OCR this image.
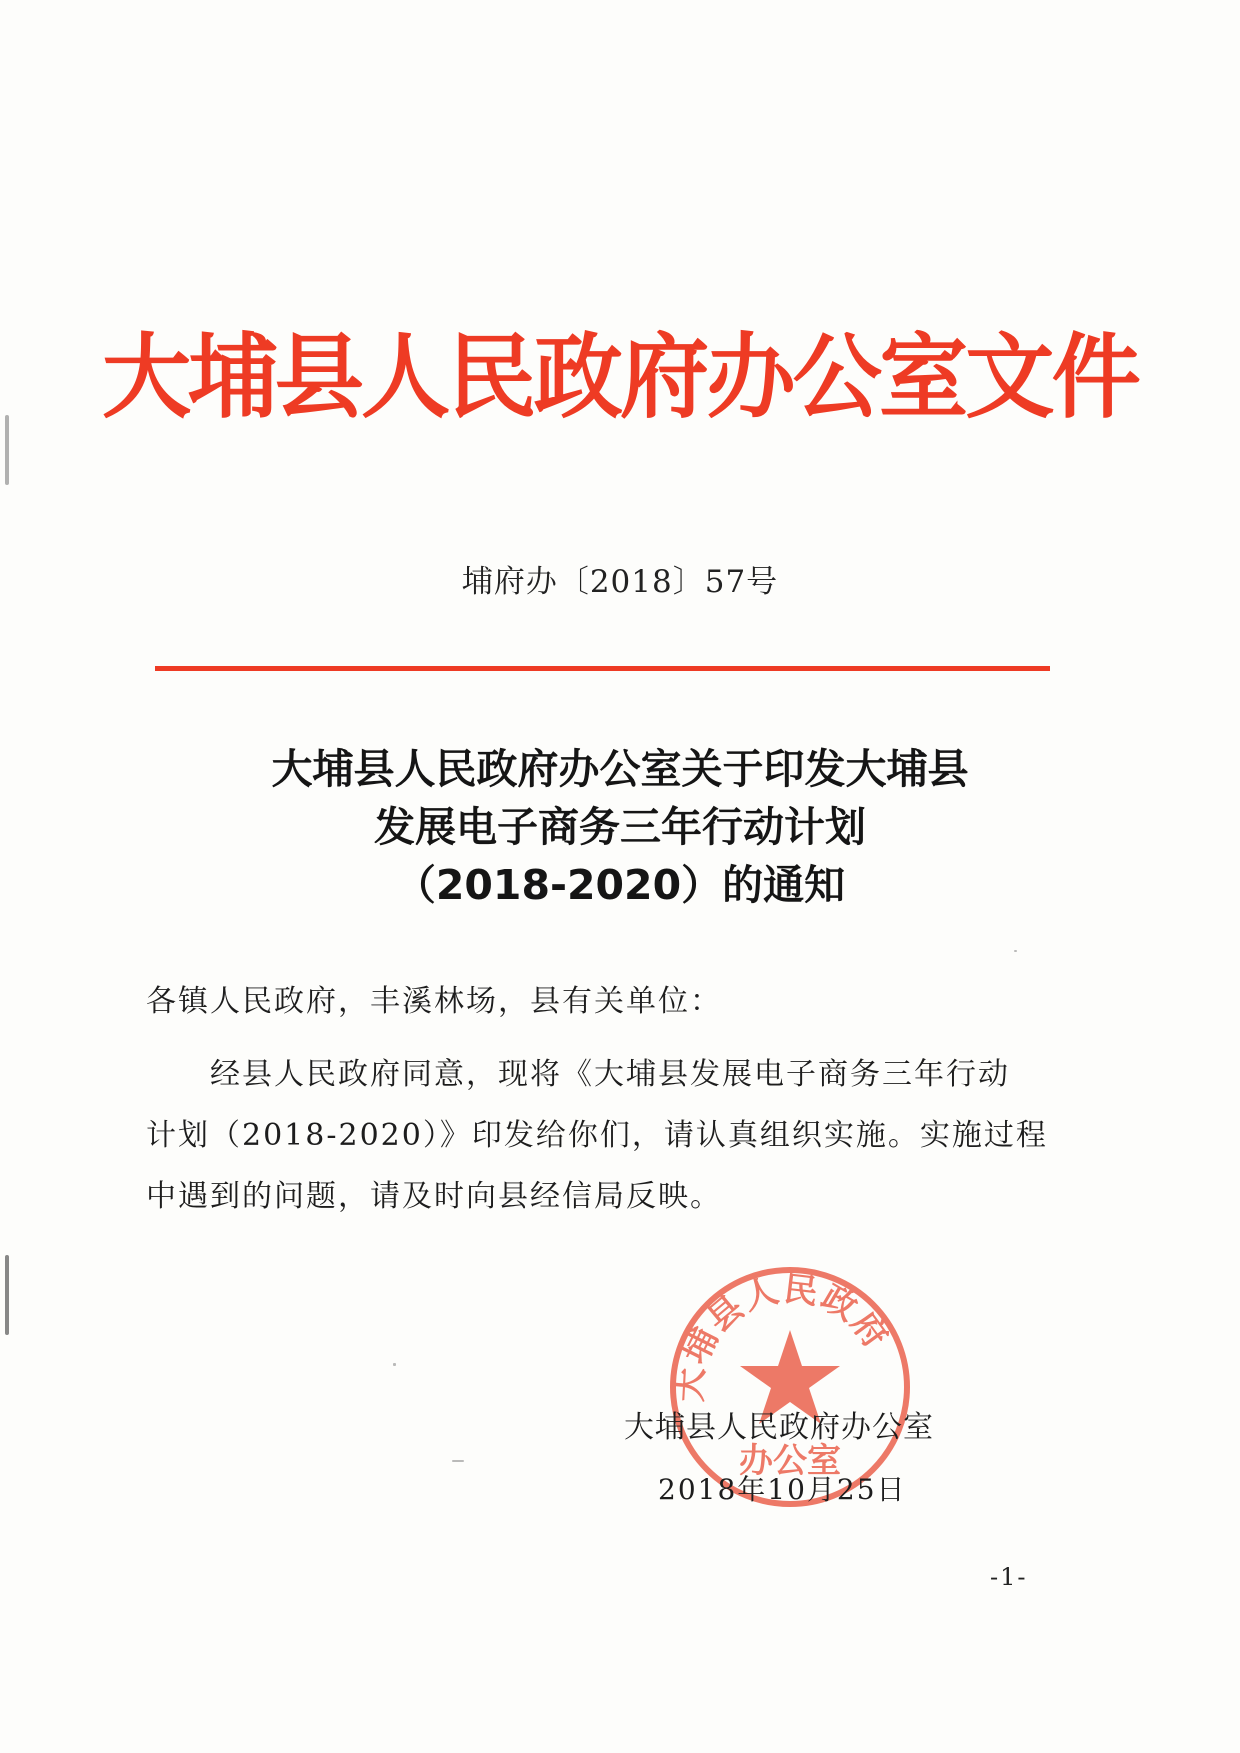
大埔县人民政府办公室文件
埔府办〔2018〕57号
大埔县人民政府办公室关于印发大埔县
发展电子商务三年行动计划
（2018-2020）的通知
各镇人民政府，丰溪林场，县有关单位：
经县人民政府同意，现将《大埔县发展电子商务三年行动
计划（2018-2020）》印发给你们，请认真组织实施。实施过程
中遇到的问题，请及时向县经信局反映。
大埔县人民政府
办公室
大埔县人民政府办公室
2018年10月25日
-1-
